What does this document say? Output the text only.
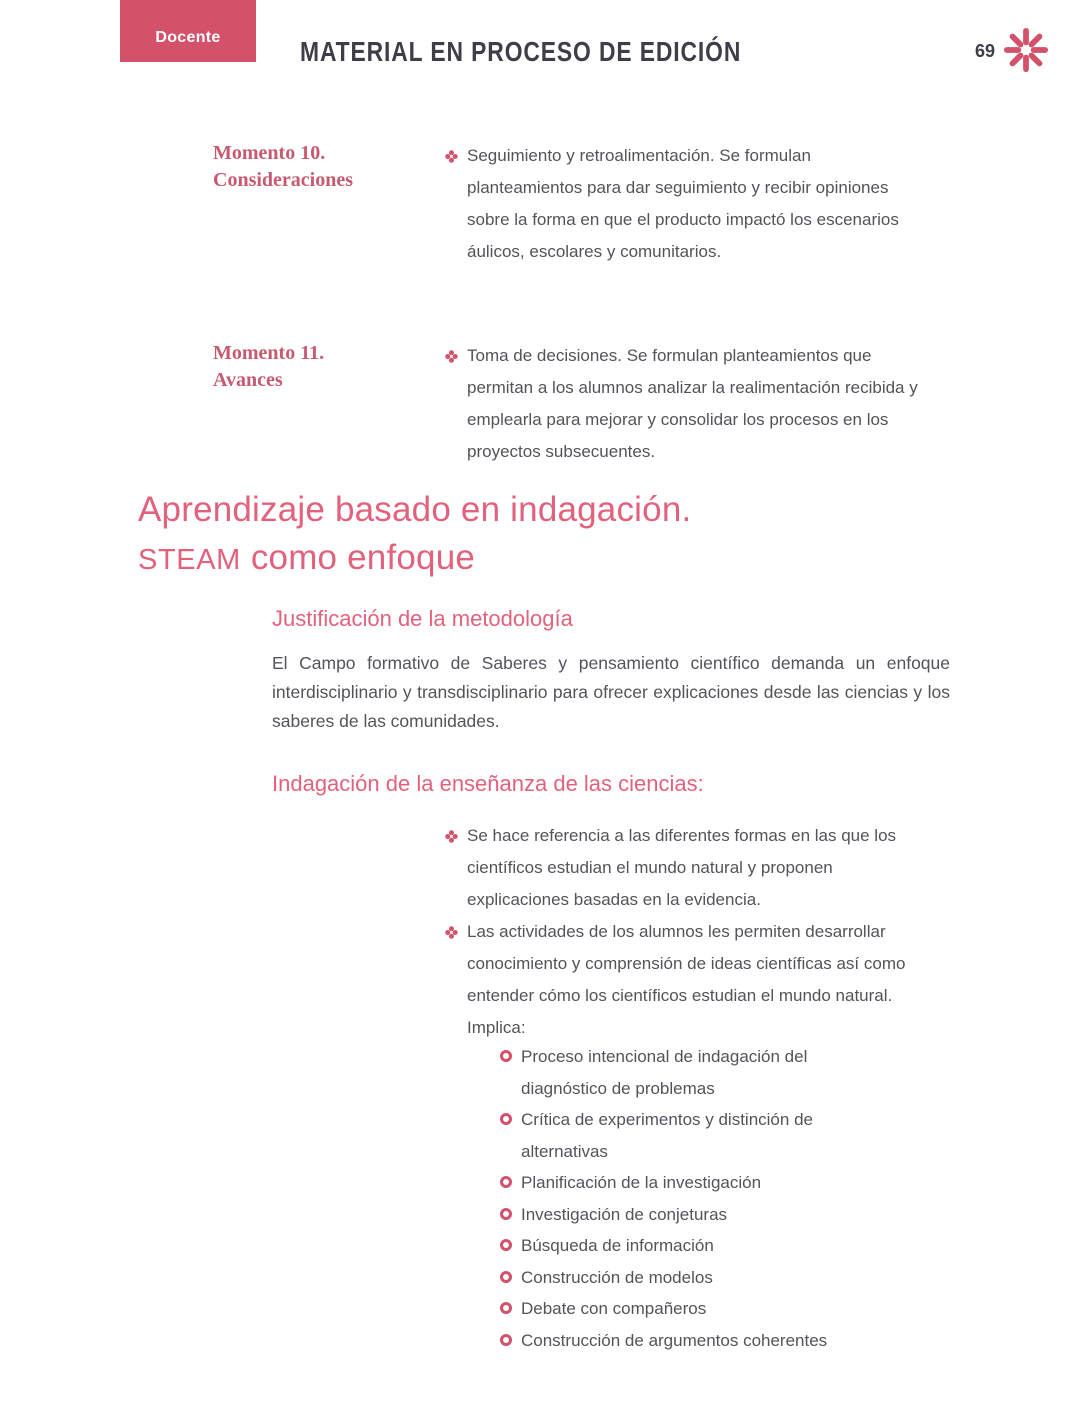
Docente	MATERIAL EN PROCESO DE EDICIÓN	69
Momento 10.
Consideraciones

Seguimiento y retroalimentación. Se formulan planteamientos para dar seguimiento y recibir opiniones sobre la forma en que el producto impactó los escenarios áulicos, escolares y comunitarios.

Momento 11.
Avances

Toma de decisiones. Se formulan planteamientos que permitan a los alumnos analizar la realimentación recibida y emplearla para mejorar y consolidar los procesos en los proyectos subsecuentes.

Aprendizaje basado en indagación.
STEAM como enfoque
Justificación de la metodología

El Campo formativo de Saberes y pensamiento científico demanda un enfoque interdisciplinario y transdisciplinario para ofrecer explicaciones desde las ciencias y los saberes de las comunidades.

Indagación de la enseñanza de las ciencias:

Se hace referencia a las diferentes formas en las que los científicos estudian el mundo natural y proponen explicaciones basadas en la evidencia.

Las actividades de los alumnos les permiten desarrollar conocimiento y comprensión de ideas científicas así como entender cómo los científicos estudian el mundo natural. Implica:

Proceso intencional de indagación del diagnóstico de problemas

Crítica de experimentos y distinción de alternativas

Planificación de la investigación

Investigación de conjeturas

Búsqueda de información

Construcción de modelos

Debate con compañeros

Construcción de argumentos coherentes
